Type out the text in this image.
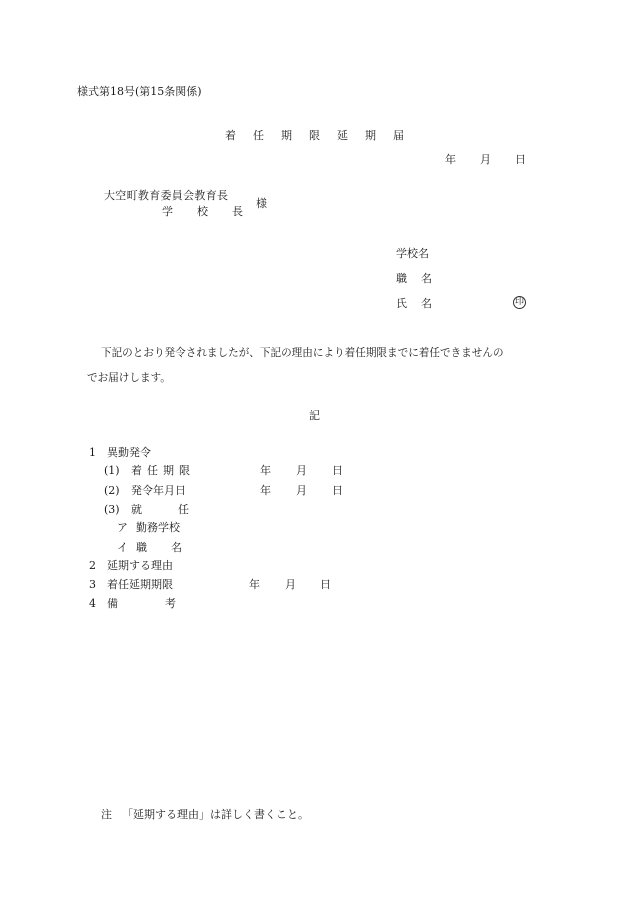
様式第18号(第15条関係)
着 任 期 限 延 期 届
年 月 日
大空町教育委員会教育長
学 校 長
様
学校名
職 名
氏 名	印
下記のとおり発令されましたが、下記の理由により着任期限までに着任できませんの
でお届けします。
記
1 異動発令
(1) 着 任 期 限	年 月 日
(2) 発令年月日	年 月 日
(3) 就	任
ア 勤務学校
イ 職 名
2 延期する理由
3 着任延期期限	年 月 日
4 備	考
注 「延期する理由」は詳しく書くこと。
